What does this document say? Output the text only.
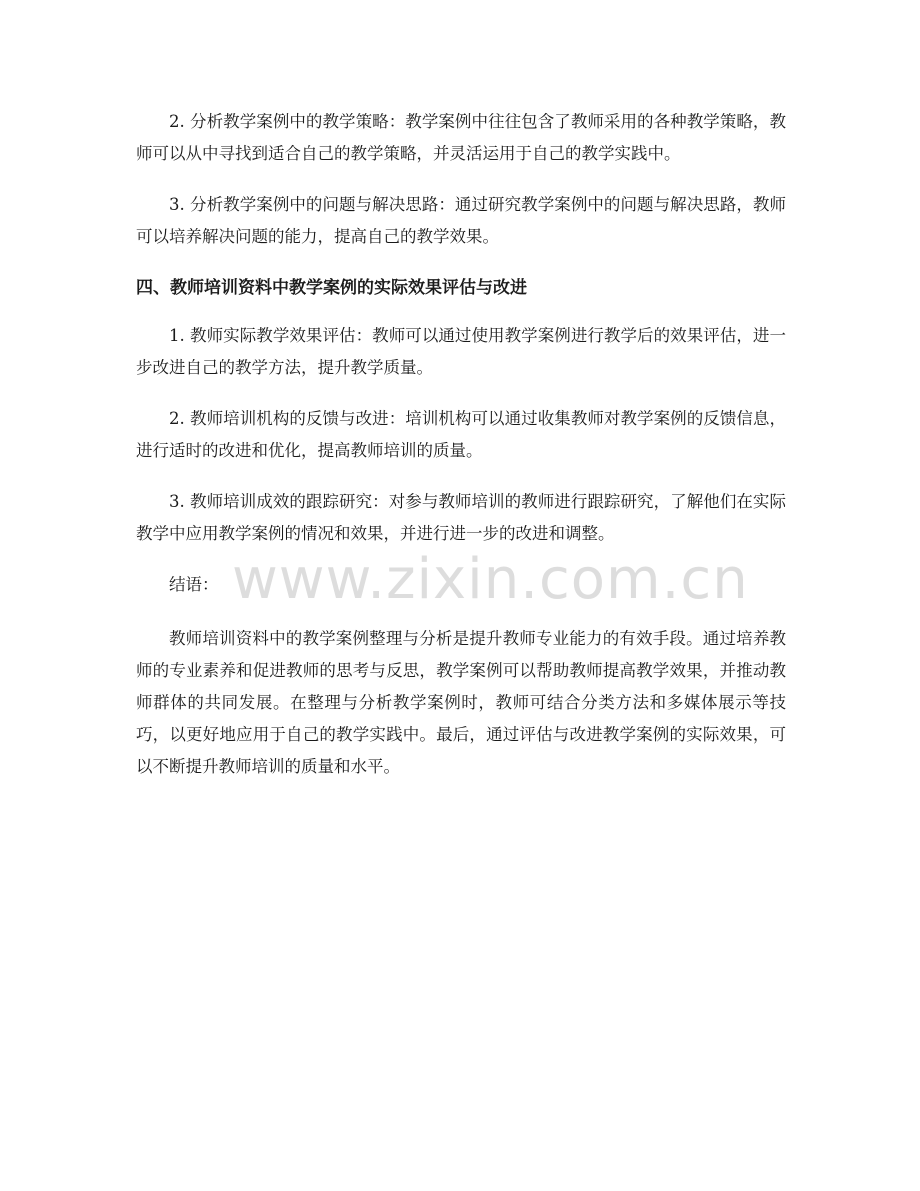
2. 分析教学案例中的教学策略：教学案例中往往包含了教师采用的各种教学策略，教师可以从中寻找到适合自己的教学策略，并灵活运用于自己的教学实践中。

3. 分析教学案例中的问题与解决思路：通过研究教学案例中的问题与解决思路，教师可以培养解决问题的能力，提高自己的教学效果。

四、教师培训资料中教学案例的实际效果评估与改进

1. 教师实际教学效果评估：教师可以通过使用教学案例进行教学后的效果评估，进一步改进自己的教学方法，提升教学质量。

2. 教师培训机构的反馈与改进：培训机构可以通过收集教师对教学案例的反馈信息，进行适时的改进和优化，提高教师培训的质量。

3. 教师培训成效的跟踪研究：对参与教师培训的教师进行跟踪研究，了解他们在实际教学中应用教学案例的情况和效果，并进行进一步的改进和调整。

结语：

教师培训资料中的教学案例整理与分析是提升教师专业能力的有效手段。通过培养教师的专业素养和促进教师的思考与反思，教学案例可以帮助教师提高教学效果，并推动教师群体的共同发展。在整理与分析教学案例时，教师可结合分类方法和多媒体展示等技巧，以更好地应用于自己的教学实践中。最后，通过评估与改进教学案例的实际效果，可以不断提升教师培训的质量和水平。

www.zixin.com.cn
